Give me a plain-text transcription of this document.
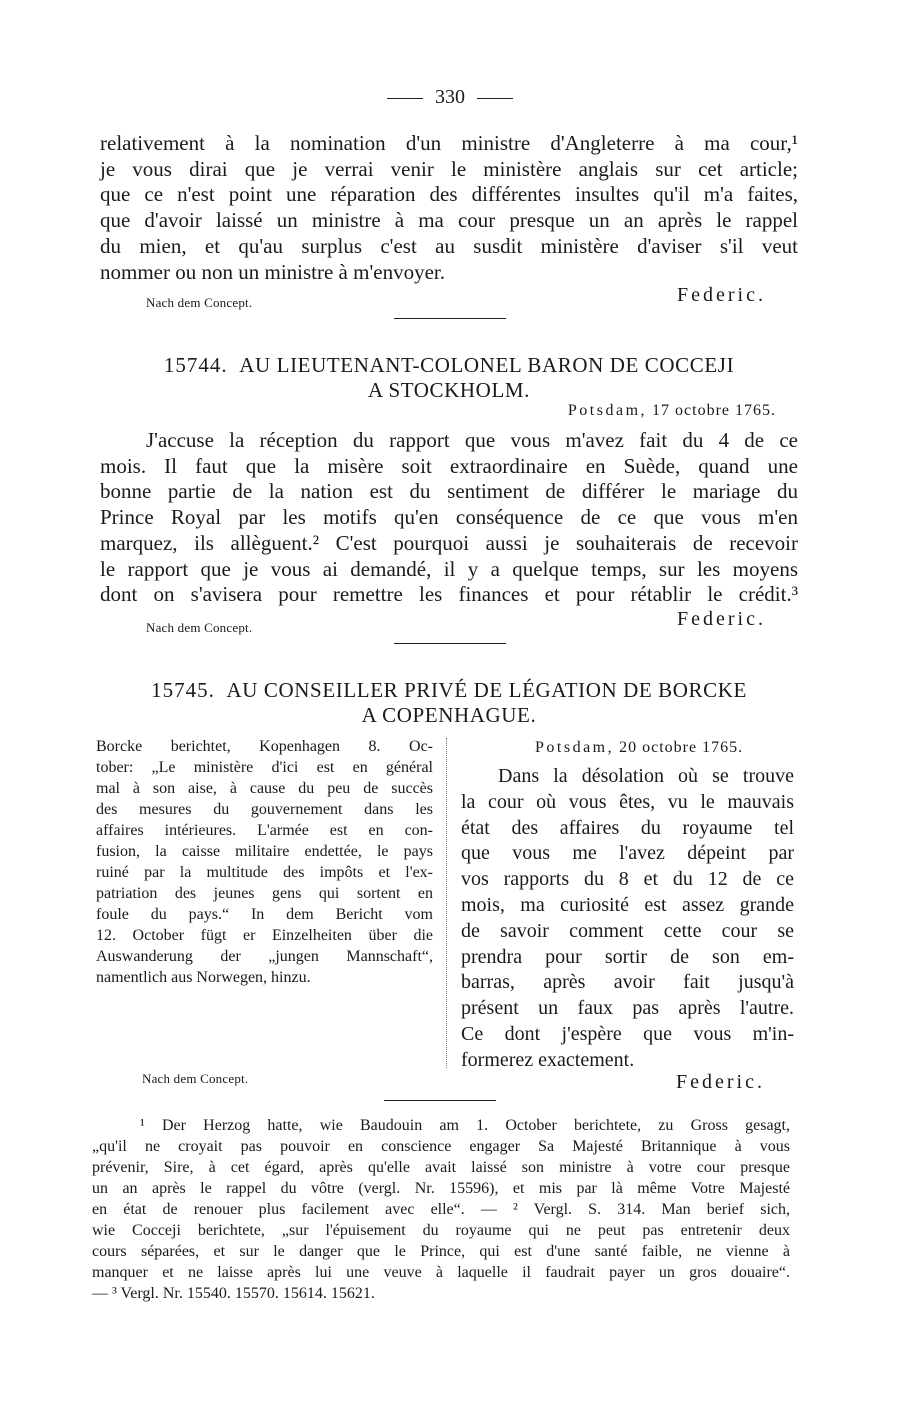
330
relativement à la nomination d'un ministre d'Angleterre à ma cour,¹
je vous dirai que je verrai venir le ministère anglais sur cet article;
que ce n'est point une réparation des différentes insultes qu'il m'a faites,
que d'avoir laissé un ministre à ma cour presque un an après le rappel
du mien, et qu'au surplus c'est au susdit ministère d'aviser s'il veut
nommer ou non un ministre à m'envoyer.
Nach dem Concept.	Federic.
15744. AU LIEUTENANT-COLONEL BARON DE COCCEJI
A STOCKHOLM.
Potsdam, 17 octobre 1765.
J'accuse la réception du rapport que vous m'avez fait du 4 de ce
mois. Il faut que la misère soit extraordinaire en Suède, quand une
bonne partie de la nation est du sentiment de différer le mariage du
Prince Royal par les motifs qu'en conséquence de ce que vous m'en
marquez, ils allèguent.² C'est pourquoi aussi je souhaiterais de recevoir
le rapport que je vous ai demandé, il y a quelque temps, sur les moyens
dont on s'avisera pour remettre les finances et pour rétablir le crédit.³
Nach dem Concept.	Federic.
15745. AU CONSEILLER PRIVÉ DE LÉGATION DE BORCKE
A COPENHAGUE.
Borcke berichtet, Kopenhagen 8. Oc-
tober: „Le ministère d'ici est en général
mal à son aise, à cause du peu de succès
des mesures du gouvernement dans les
affaires intérieures. L'armée est en con-
fusion, la caisse militaire endettée, le pays
ruiné par la multitude des impôts et l'ex-
patriation des jeunes gens qui sortent en
foule du pays.“ In dem Bericht vom
12. October fügt er Einzelheiten über die
Auswanderung der „jungen Mannschaft“,
namentlich aus Norwegen, hinzu.
Potsdam, 20 octobre 1765.
Dans la désolation où se trouve
la cour où vous êtes, vu le mauvais
état des affaires du royaume tel
que vous me l'avez dépeint par
vos rapports du 8 et du 12 de ce
mois, ma curiosité est assez grande
de savoir comment cette cour se
prendra pour sortir de son em-
barras, après avoir fait jusqu'à
présent un faux pas après l'autre.
Ce dont j'espère que vous m'in-
formerez exactement.
Nach dem Concept.	Federic.
¹ Der Herzog hatte, wie Baudouin am 1. October berichtete, zu Gross gesagt,
„qu'il ne croyait pas pouvoir en conscience engager Sa Majesté Britannique à vous
prévenir, Sire, à cet égard, après qu'elle avait laissé son ministre à votre cour presque
un an après le rappel du vôtre (vergl. Nr. 15596), et mis par là même Votre Majesté
en état de renouer plus facilement avec elle“. — ² Vergl. S. 314. Man berief sich,
wie Cocceji berichtete, „sur l'épuisement du royaume qui ne peut pas entretenir deux
cours séparées, et sur le danger que le Prince, qui est d'une santé faible, ne vienne à
manquer et ne laisse après lui une veuve à laquelle il faudrait payer un gros douaire“.
— ³ Vergl. Nr. 15540. 15570. 15614. 15621.
